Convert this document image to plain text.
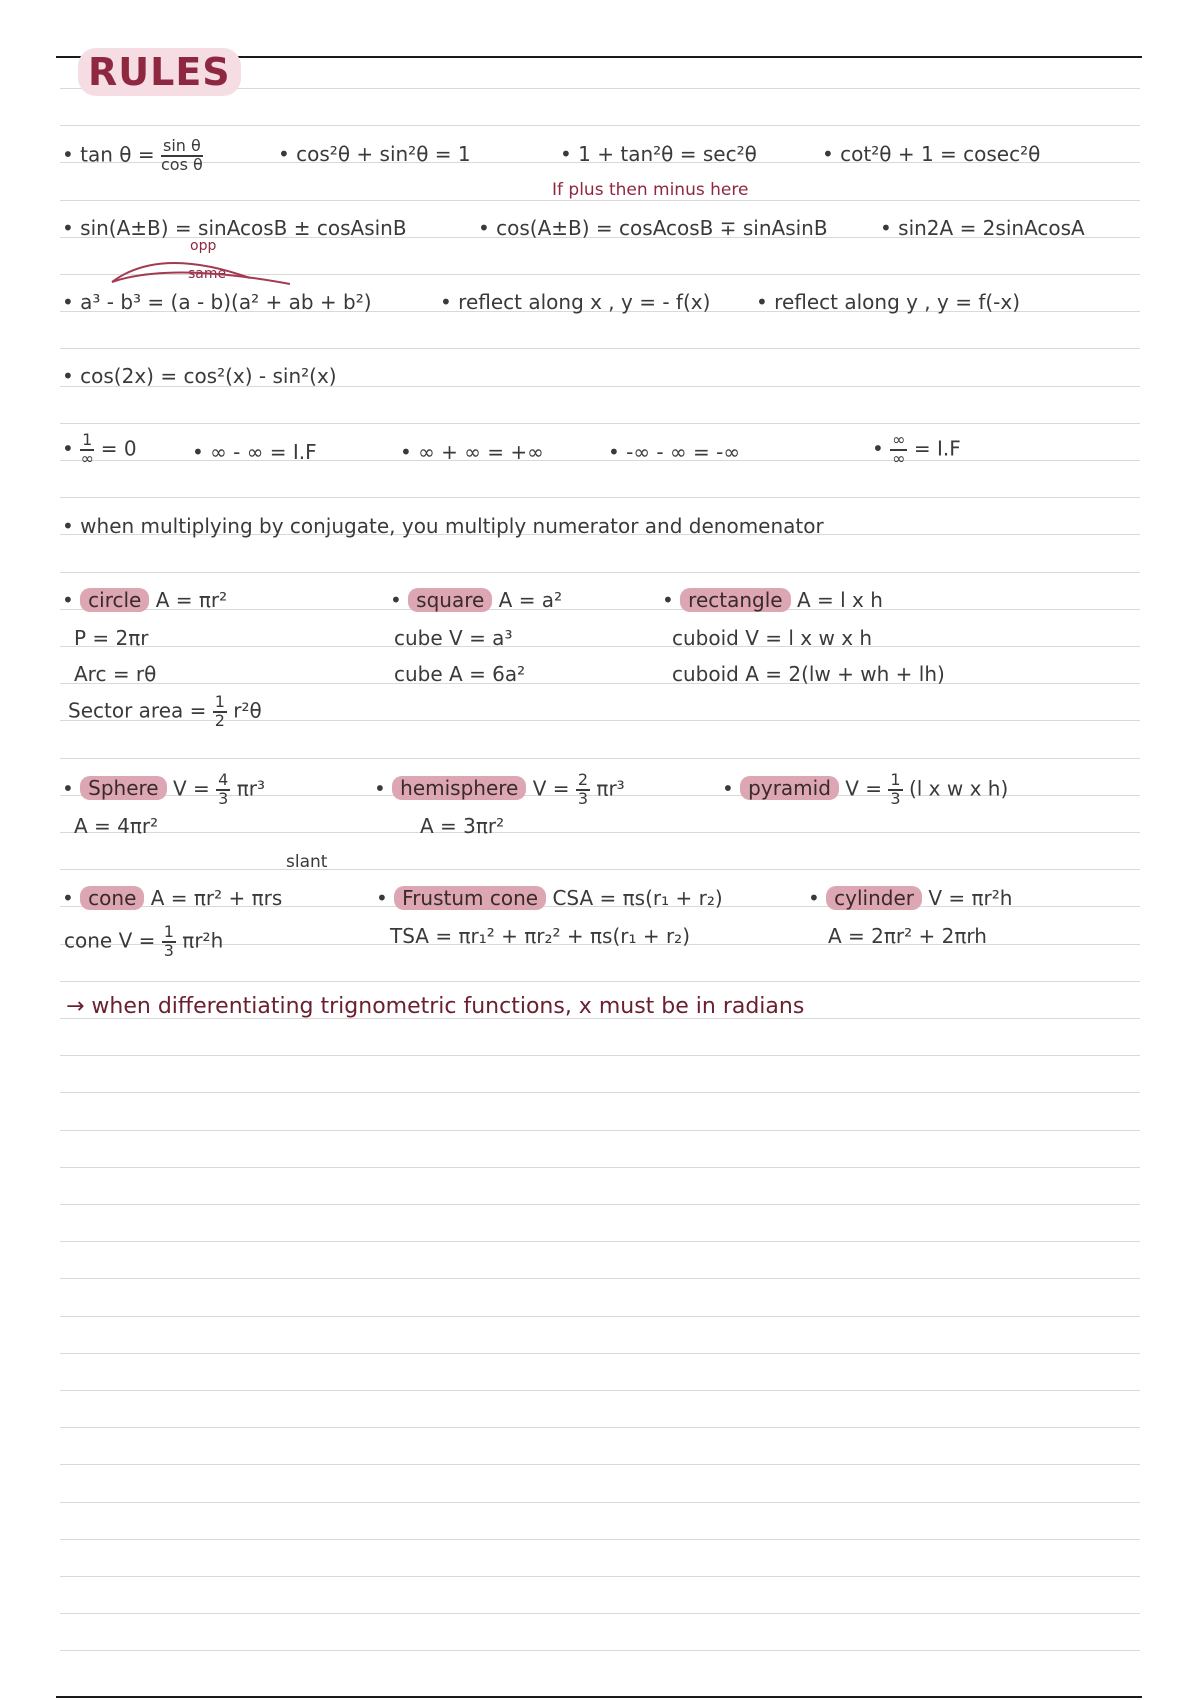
RULES
• $\tan \theta = \frac{\text{sin θ}}{\text{cos θ}}$	• cos²θ + sin²θ = 1	• 1 + tan²θ = sec²θ	• cot²θ + 1 = cosec²θ
If plus then minus here
• sin(A±B) = sinAcosB ± cosAsinB	• cos(A±B) = cosAcosB ∓ sinAsinB	• sin2A = 2sinAcosA
opp
same
• a³ - b³ = (a - b)(a² + ab + b²)	• reflect along x , y = - f(x) • reflect along y , y = f(-x)
• cos(2x) = cos²(x) - sin²(x)
• $\frac{1}{\infty} = 0$	• ∞ - ∞ = I.F	• ∞ + ∞ = +∞	• -∞ - ∞ = -∞	• $\frac{\infty}{\infty} = I.F$
• when multiplying by conjugate, you multiply numerator and denomenator
• circle A = πr²
P = 2πr
Arc = rθ
Sector area = $\frac{1}{2} r^2\theta$
• square A = a²
cube V = a³
cube A = 6a²
• rectangle A = l x h
cuboid V = l x w x h
cuboid A = 2(lw + wh + lh)
• Sphere $V = \frac{4}{3} \pi r^3$
A = 4πr²
• hemisphere $V = \frac{2}{3} \pi r^3$
A = 3πr²
• pyramid $V = \frac{1}{3} (l$ x w x h)
slant
• cone A = πr² + πrs
cone $V = \frac{1}{3} \pi r^2h$
• Frustum cone CSA = πs(r₁ + r₂)
TSA = πr₁² + πr₂² + πs(r₁ + r₂)
• cylinder V = πr²h
A = 2πr² + 2πrh
→ when differentiating trignometric functions, x must be in radians
